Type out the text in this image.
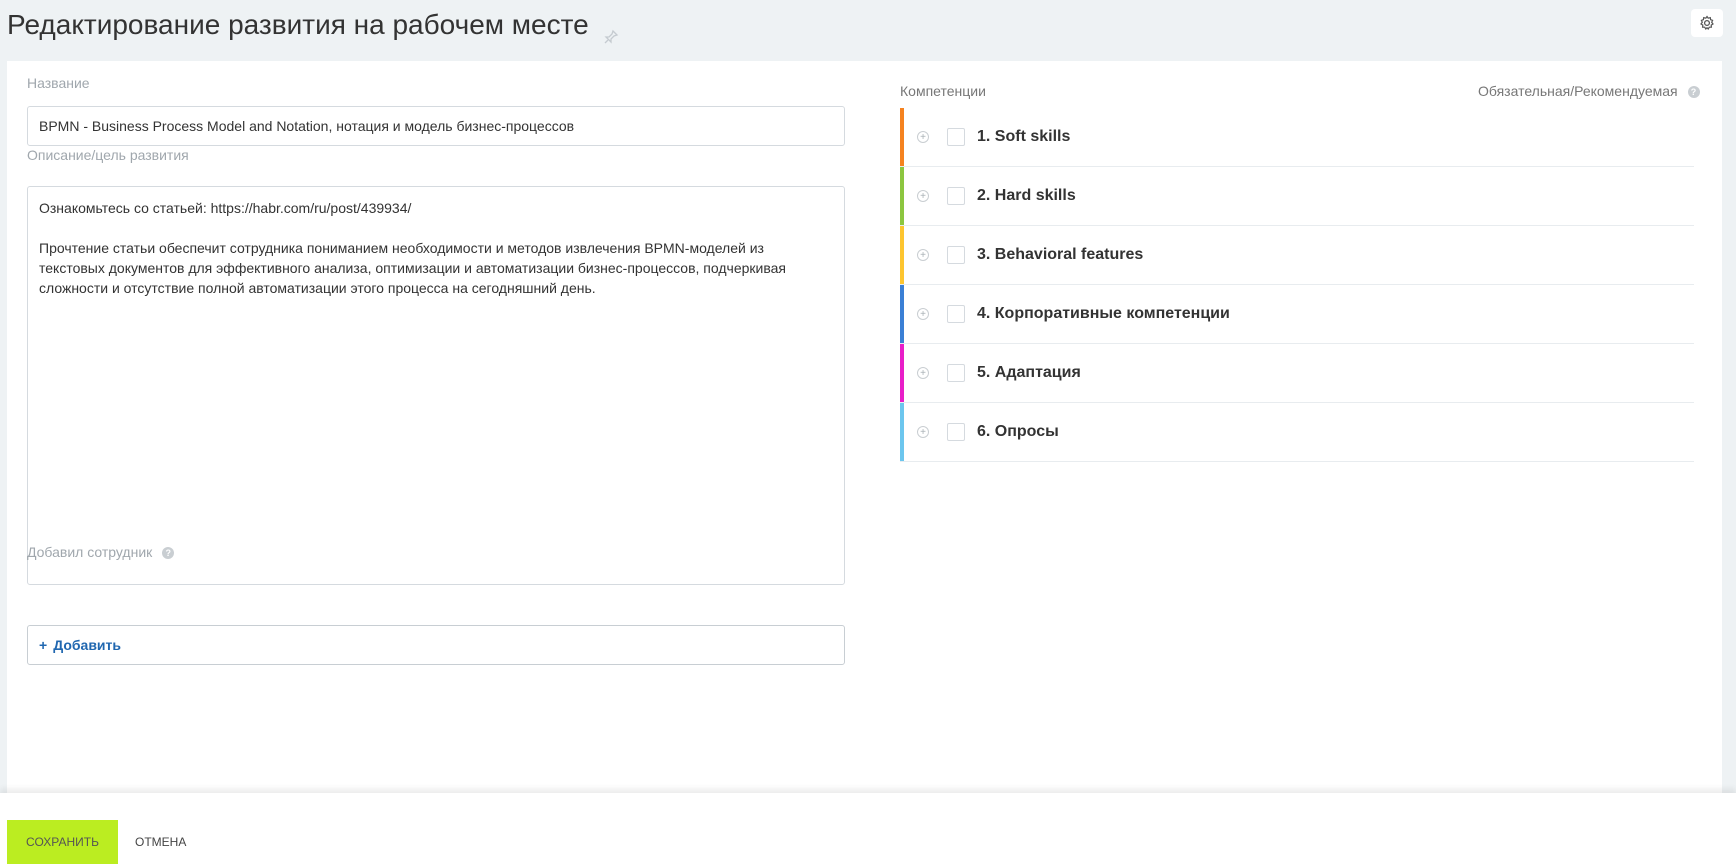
Редактирование развития на рабочем месте
Название
BPMN - Business Process Model and Notation, нотация и модель бизнес-процессов
Описание/цель развития

Ознакомьтесь со статьей: https://habr.com/ru/post/439934/

Прочтение статьи обеспечит сотрудника пониманием необходимости и методов извлечения BPMN-моделей из текстовых документов для эффективного анализа, оптимизации и автоматизации бизнес-процессов, подчеркивая сложности и отсутствие полной автоматизации этого процесса на сегодняшний день.

Добавил сотрудник ?
+ Добавить
Компетенции	Обязательная/Рекомендуемая ?
+	1. Soft skills
+	2. Hard skills
+	3. Behavioral features
+	4. Корпоративные компетенции
+	5. Адаптация
+	6. Опросы
СОХРАНИТЬ	ОТМЕНА
